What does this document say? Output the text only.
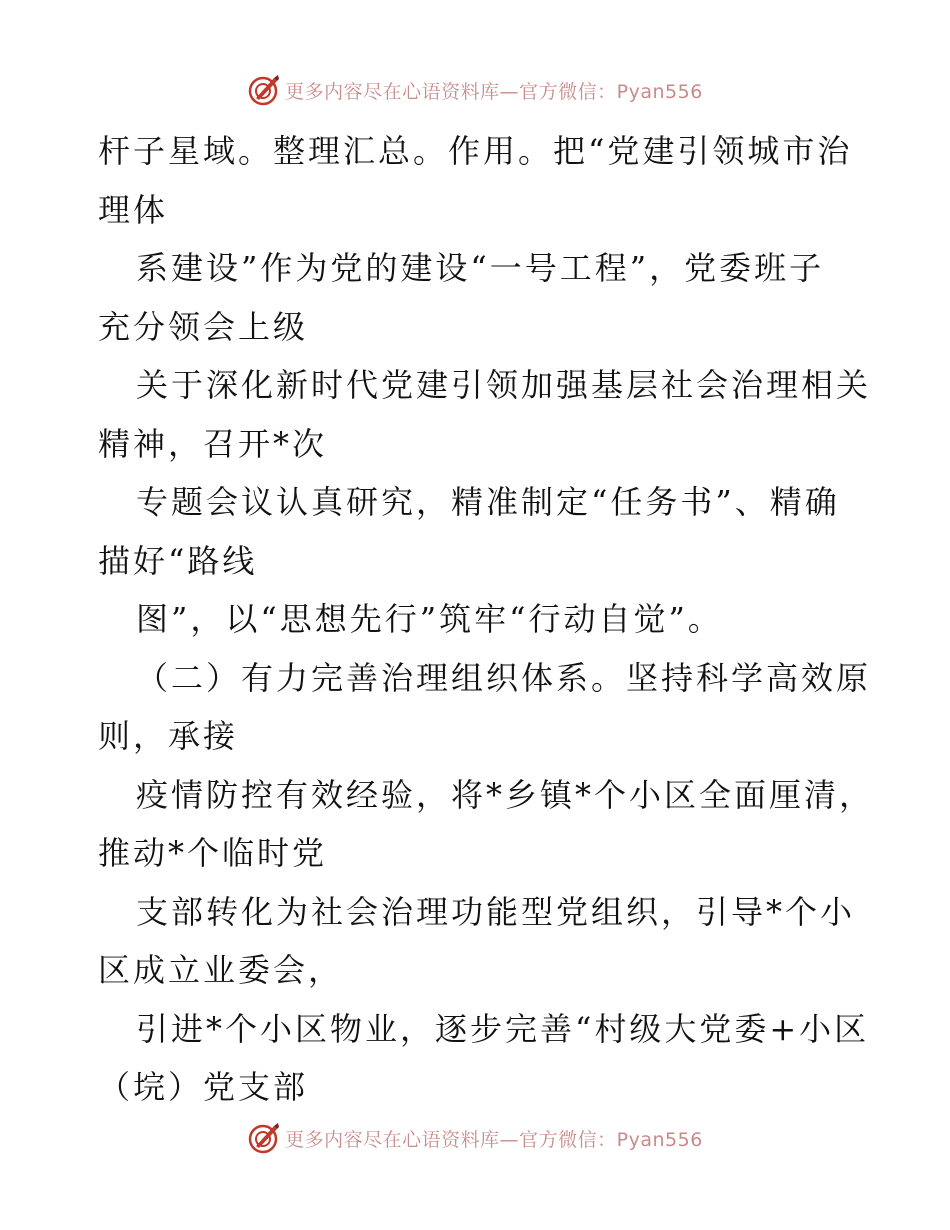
更多内容尽在心语资料库—官方微信：Pyan556
杆子星域。整理汇总。作用。把“党建引领城市治
理体
系建设”作为党的建设“一号工程”，党委班子
充分领会上级
关于深化新时代党建引领加强基层社会治理相关
精神，召开*次
专题会议认真研究，精准制定“任务书”、精确
描好“路线
图”，以“思想先行”筑牢“行动自觉”。
（二）有力完善治理组织体系。坚持科学高效原
则，承接
疫情防控有效经验，将*乡镇*个小区全面厘清，
推动*个临时党
支部转化为社会治理功能型党组织，引导*个小
区成立业委会，
引进*个小区物业，逐步完善“村级大党委+小区
（垸）党支部
更多内容尽在心语资料库—官方微信：Pyan556
